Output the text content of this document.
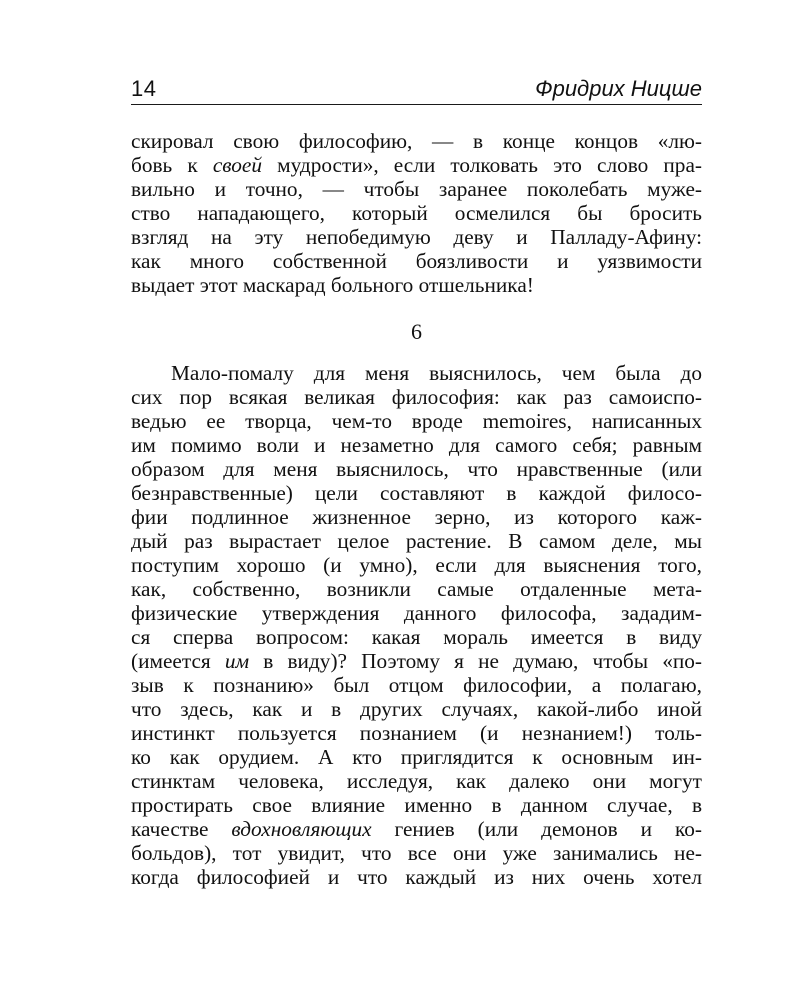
14	Фридрих Ницше
скировал свою философию, — в конце концов «лю-
бовь к своей мудрости», если толковать это слово пра-
вильно и точно, — чтобы заранее поколебать муже-
ство нападающего, который осмелился бы бросить
взгляд на эту непобедимую деву и Палладу-Афину:
как много собственной боязливости и уязвимости
выдает этот маскарад больного отшельника!
6
Мало-помалу для меня выяснилось, чем была до
сих пор всякая великая философия: как раз самоиспо-
ведью ее творца, чем-то вроде memoires, написанных
им помимо воли и незаметно для самого себя; равным
образом для меня выяснилось, что нравственные (или
безнравственные) цели составляют в каждой филосо-
фии подлинное жизненное зерно, из которого каж-
дый раз вырастает целое растение. В самом деле, мы
поступим хорошо (и умно), если для выяснения того,
как, собственно, возникли самые отдаленные мета-
физические утверждения данного философа, зададим-
ся сперва вопросом: какая мораль имеется в виду
(имеется им в виду)? Поэтому я не думаю, чтобы «по-
зыв к познанию» был отцом философии, а полагаю,
что здесь, как и в других случаях, какой-либо иной
инстинкт пользуется познанием (и незнанием!) толь-
ко как орудием. А кто приглядится к основным ин-
стинктам человека, исследуя, как далеко они могут
простирать свое влияние именно в данном случае, в
качестве вдохновляющих гениев (или демонов и ко-
больдов), тот увидит, что все они уже занимались не-
когда философией и что каждый из них очень хотел
